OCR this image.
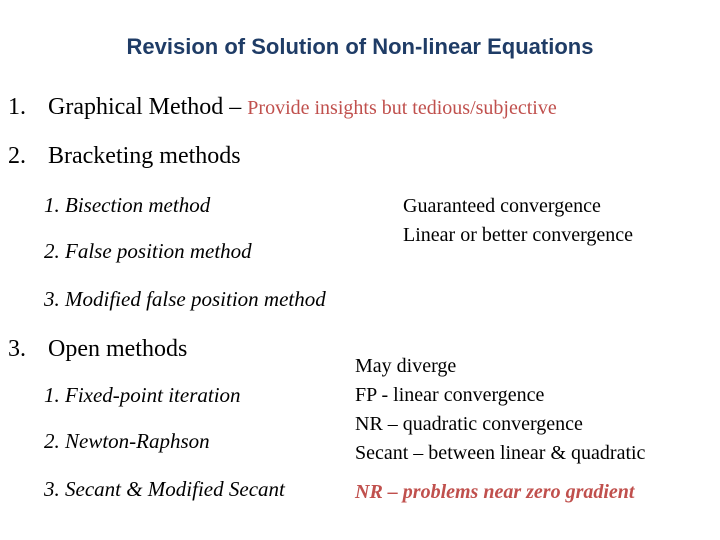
Revision of Solution of Non-linear Equations
1. Graphical Method – Provide insights but tedious/subjective
2. Bracketing methods
1. Bisection method
2. False position method
3. Modified false position method
Guaranteed convergence
Linear or better convergence
3. Open methods
1. Fixed-point iteration
2. Newton-Raphson
3. Secant & Modified Secant
May diverge
FP - linear convergence
NR – quadratic convergence
Secant – between linear & quadratic
NR – problems near zero gradient
